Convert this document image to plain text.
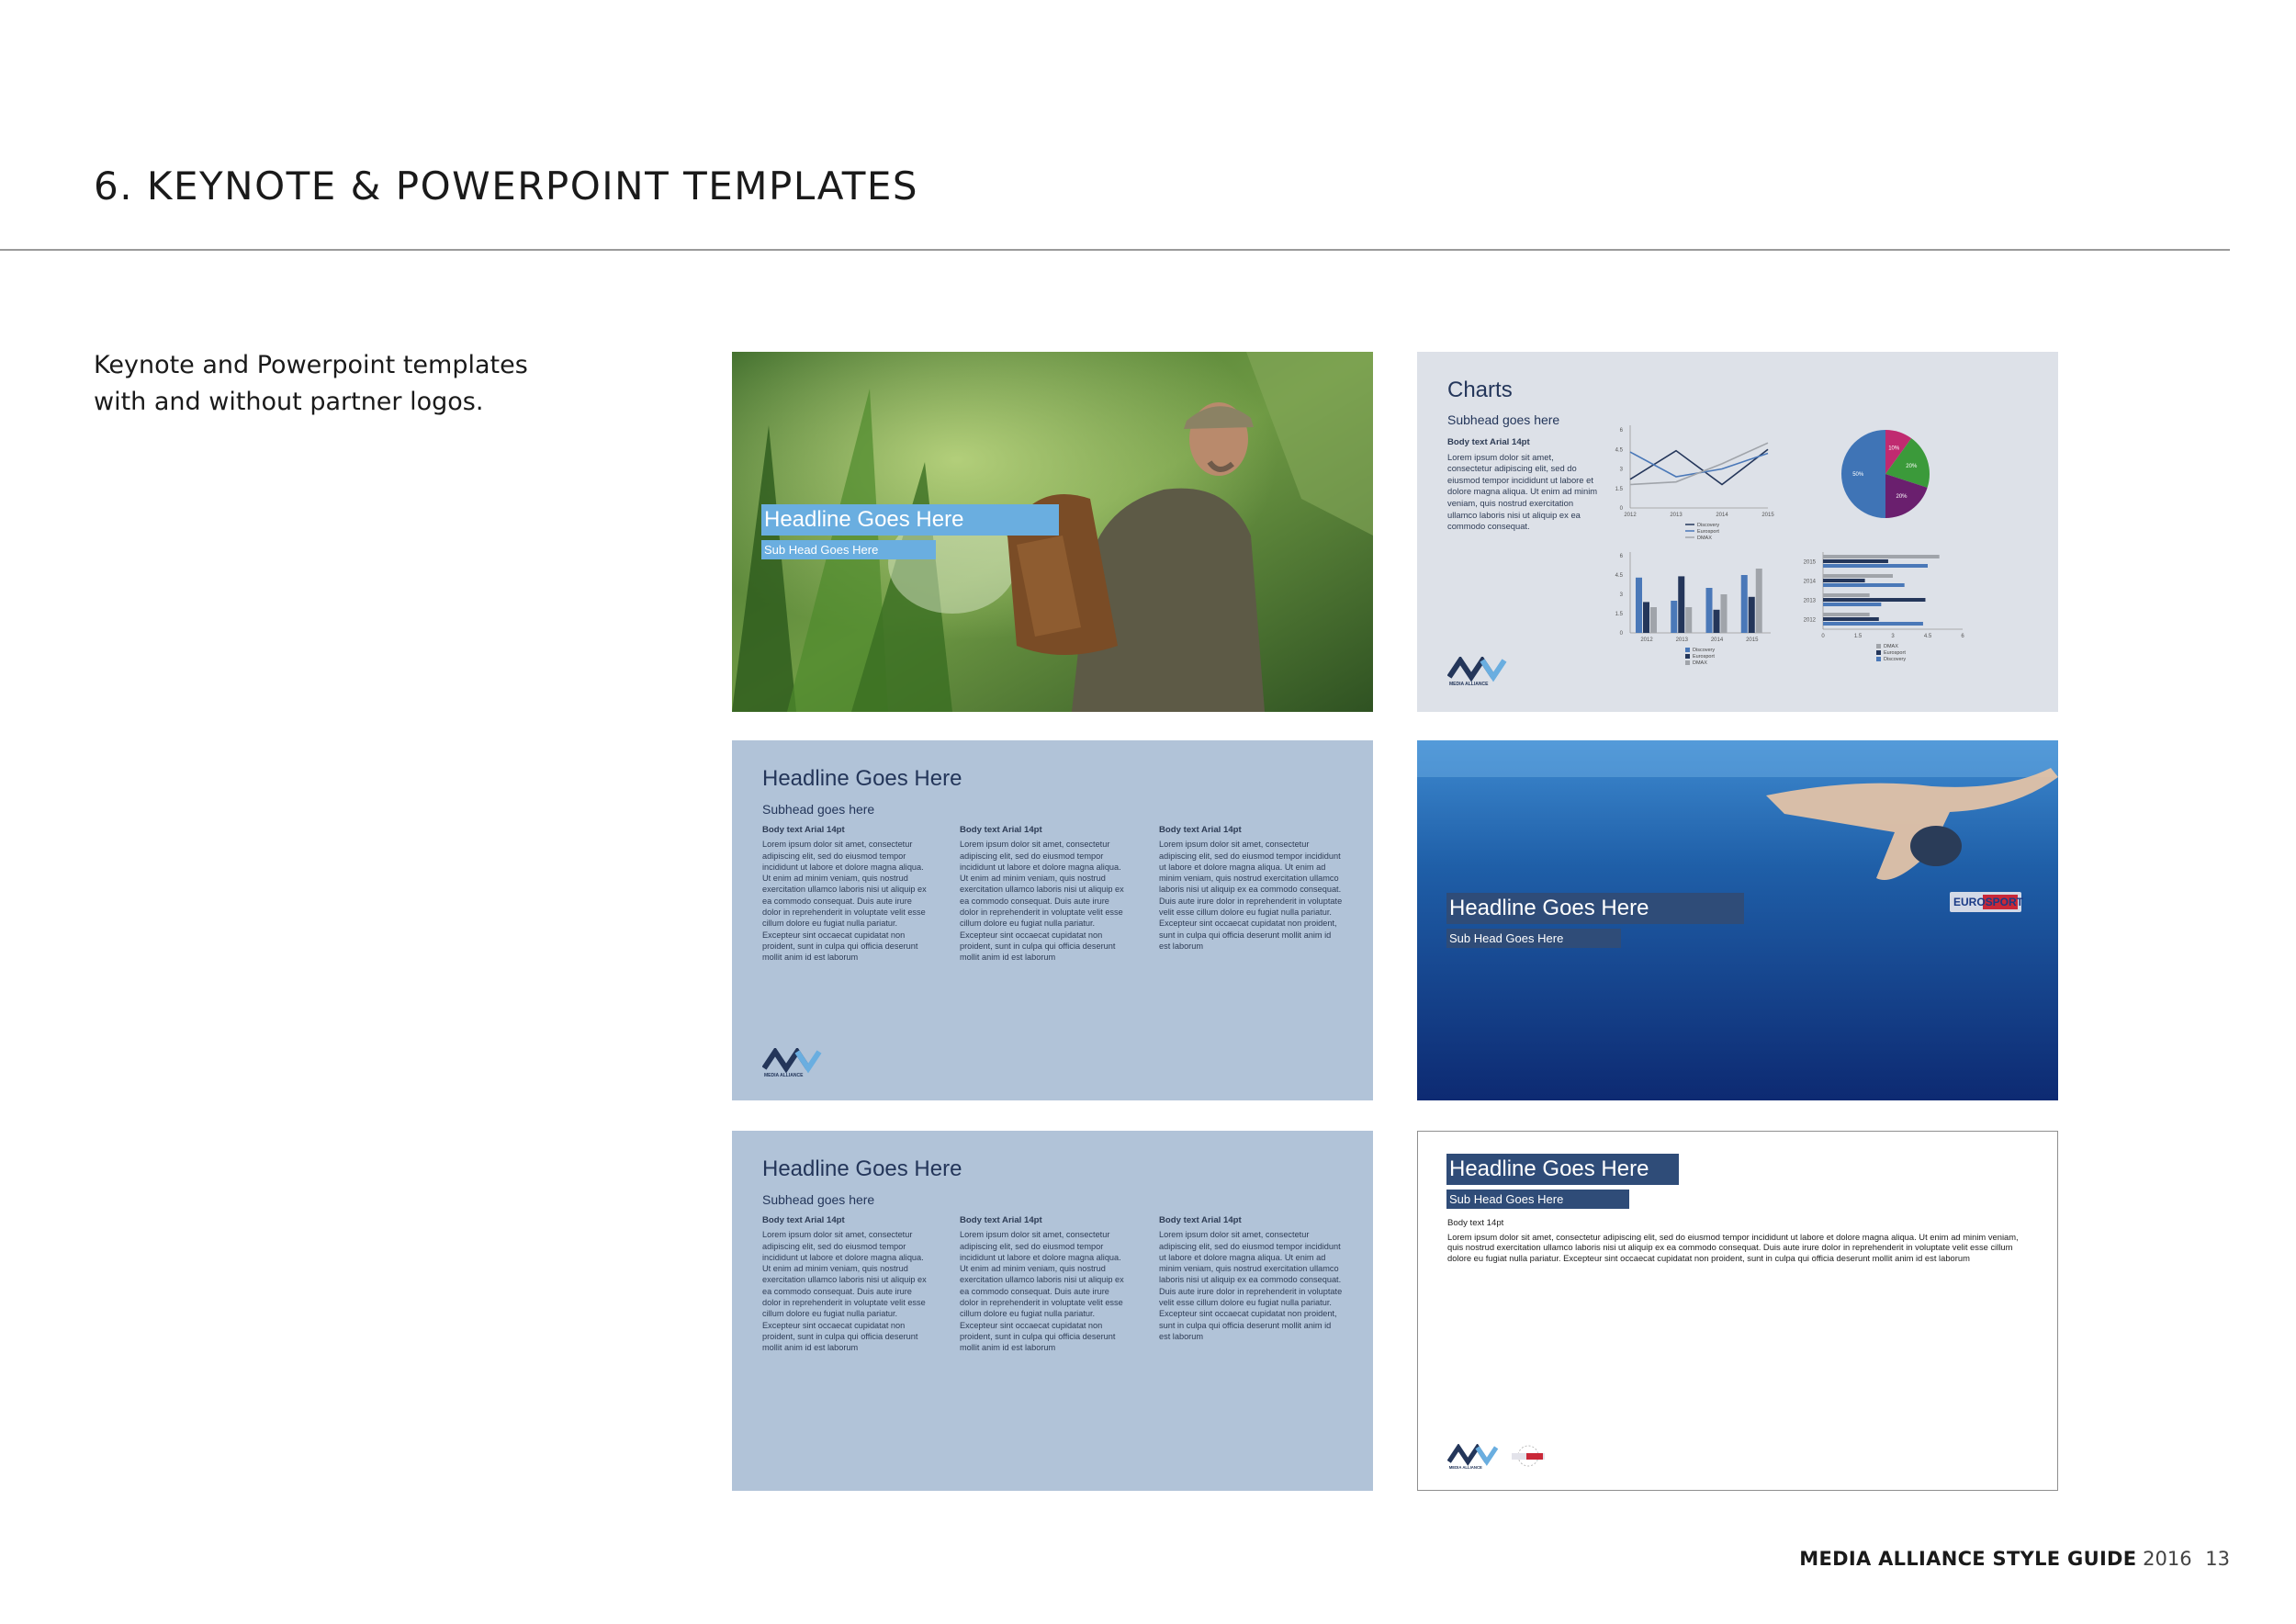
6. KEYNOTE & POWERPOINT TEMPLATES
Keynote and Powerpoint templates
with and without partner logos.
Headline Goes Here
Sub Head Goes Here
Charts
Subhead goes here
Body text Arial 14pt
Lorem ipsum dolor sit amet, consectetur adipiscing elit, sed do eiusmod tempor incididunt ut labore et dolore magna aliqua. Ut enim ad minim veniam, quis nostrud exercitation ullamco laboris nisi ut aliquip ex ea commodo consequat.
0
1.5
3
4.5
6
2012	2013	2014	2015
Discovery
Eurosport
DMAX
10%
20%
20%
50%
0
1.5
3
4.5
6
2012	2013	2014	2015
Discovery
Eurosport
DMAX
0	1.5	3	4.5	6
2015
2014
2013
2012
DMAX
Eurosport
Discovery
MEDIA ALLIANCE
Headline Goes Here
Subhead goes here
Body text Arial 14pt
Lorem ipsum dolor sit amet, consectetur adipiscing elit, sed do eiusmod tempor incididunt ut labore et dolore magna aliqua. Ut enim ad minim veniam, quis nostrud exercitation ullamco laboris nisi ut aliquip ex ea commodo consequat. Duis aute irure dolor in reprehenderit in voluptate velit esse cillum dolore eu fugiat nulla pariatur. Excepteur sint occaecat cupidatat non proident, sunt in culpa qui officia deserunt mollit anim id est laborum
Body text Arial 14pt
Lorem ipsum dolor sit amet, consectetur adipiscing elit, sed do eiusmod tempor incididunt ut labore et dolore magna aliqua. Ut enim ad minim veniam, quis nostrud exercitation ullamco laboris nisi ut aliquip ex ea commodo consequat. Duis aute irure dolor in reprehenderit in voluptate velit esse cillum dolore eu fugiat nulla pariatur. Excepteur sint occaecat cupidatat non proident, sunt in culpa qui officia deserunt mollit anim id est laborum
Body text Arial 14pt
Lorem ipsum dolor sit amet, consectetur adipiscing elit, sed do eiusmod tempor incididunt ut labore et dolore magna aliqua. Ut enim ad minim veniam, quis nostrud exercitation ullamco laboris nisi ut aliquip ex ea commodo consequat. Duis aute irure dolor in reprehenderit in voluptate velit esse cillum dolore eu fugiat nulla pariatur. Excepteur sint occaecat cupidatat non proident, sunt in culpa qui officia deserunt mollit anim id est laborum
MEDIA ALLIANCE
EUROSPORT
Headline Goes Here
Sub Head Goes Here
Headline Goes Here
Subhead goes here
Body text Arial 14pt
Lorem ipsum dolor sit amet, consectetur adipiscing elit, sed do eiusmod tempor incididunt ut labore et dolore magna aliqua. Ut enim ad minim veniam, quis nostrud exercitation ullamco laboris nisi ut aliquip ex ea commodo consequat. Duis aute irure dolor in reprehenderit in voluptate velit esse cillum dolore eu fugiat nulla pariatur. Excepteur sint occaecat cupidatat non proident, sunt in culpa qui officia deserunt mollit anim id est laborum
Body text Arial 14pt
Lorem ipsum dolor sit amet, consectetur adipiscing elit, sed do eiusmod tempor incididunt ut labore et dolore magna aliqua. Ut enim ad minim veniam, quis nostrud exercitation ullamco laboris nisi ut aliquip ex ea commodo consequat. Duis aute irure dolor in reprehenderit in voluptate velit esse cillum dolore eu fugiat nulla pariatur. Excepteur sint occaecat cupidatat non proident, sunt in culpa qui officia deserunt mollit anim id est laborum
Body text Arial 14pt
Lorem ipsum dolor sit amet, consectetur adipiscing elit, sed do eiusmod tempor incididunt ut labore et dolore magna aliqua. Ut enim ad minim veniam, quis nostrud exercitation ullamco laboris nisi ut aliquip ex ea commodo consequat. Duis aute irure dolor in reprehenderit in voluptate velit esse cillum dolore eu fugiat nulla pariatur. Excepteur sint occaecat cupidatat non proident, sunt in culpa qui officia deserunt mollit anim id est laborum
Headline Goes Here
Sub Head Goes Here
Body text 14pt
Lorem ipsum dolor sit amet, consectetur adipiscing elit, sed do eiusmod tempor incididunt ut labore et dolore magna aliqua. Ut enim ad minim veniam, quis nostrud exercitation ullamco laboris nisi ut aliquip ex ea commodo consequat. Duis aute irure dolor in reprehenderit in voluptate velit esse cillum dolore eu fugiat nulla pariatur. Excepteur sint occaecat cupidatat non proident, sunt in culpa qui officia deserunt mollit anim id est laborum
MEDIA ALLIANCE
MEDIA ALLIANCE STYLE GUIDE 2016 13
